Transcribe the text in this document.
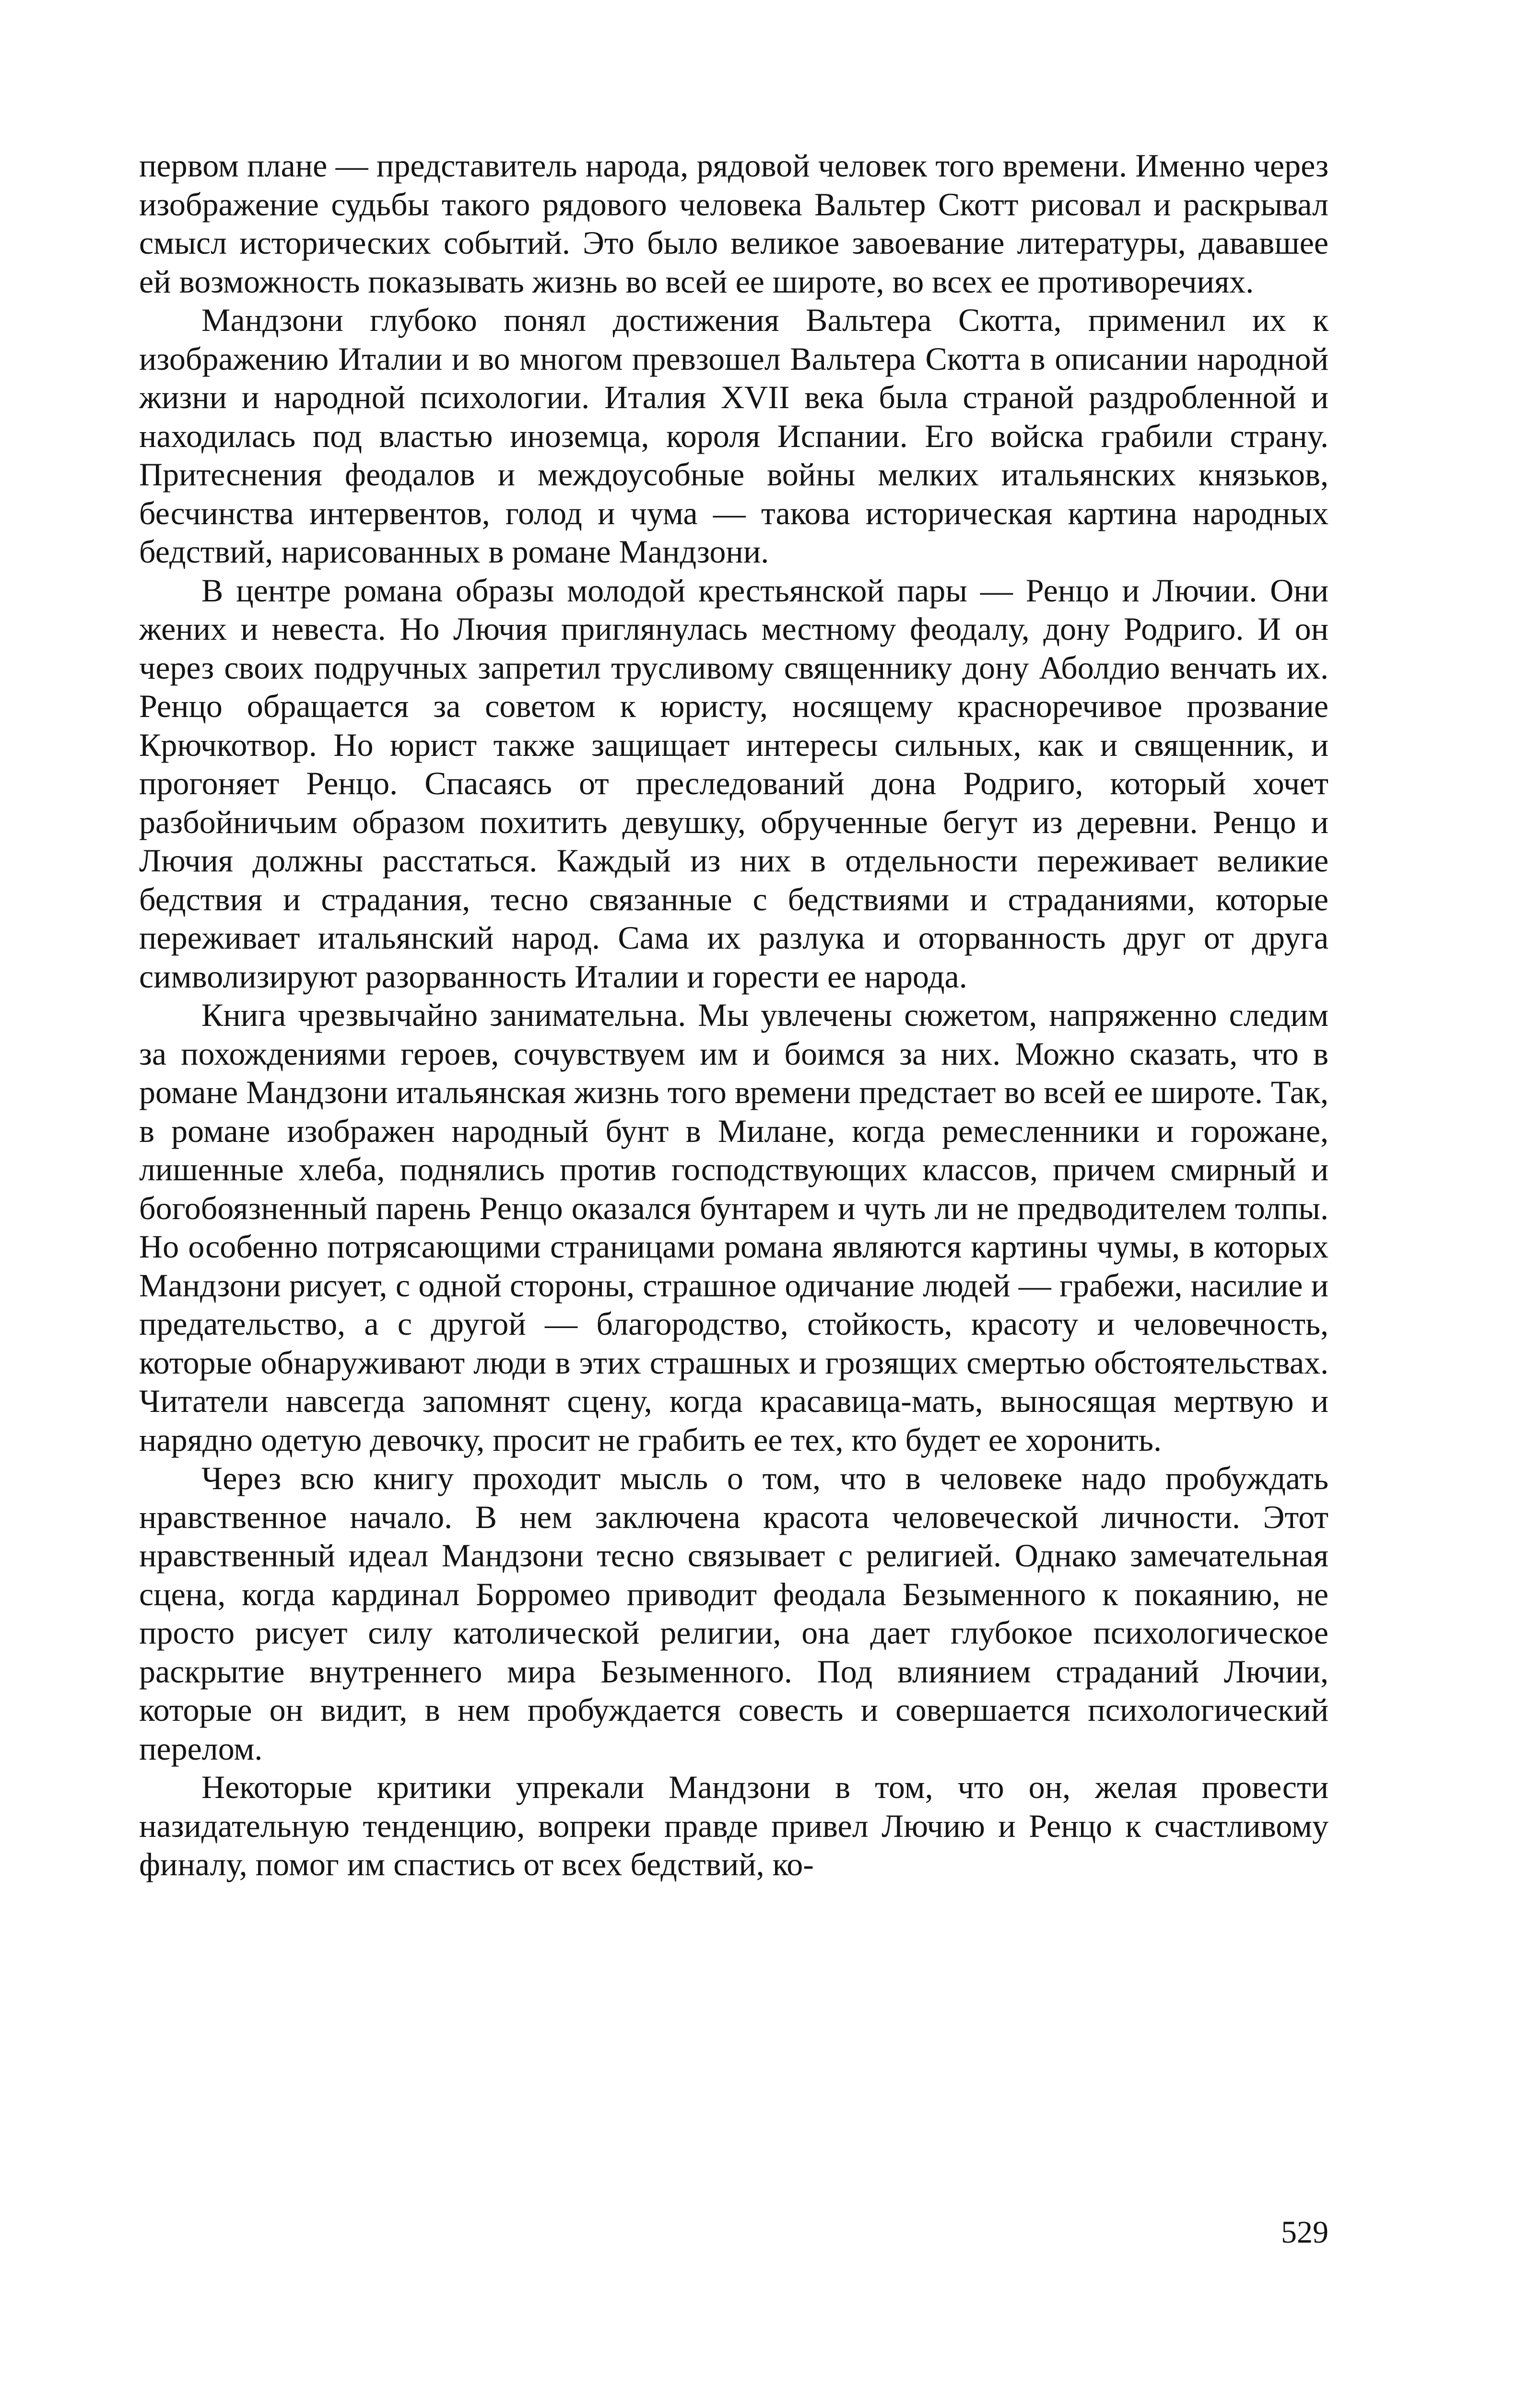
первом плане — представитель народа, рядовой человек того времени. Именно через изображение судьбы такого рядового человека Вальтер Скотт рисовал и раскрывал смысл исторических событий. Это было великое завоевание литературы, дававшее ей возможность показывать жизнь во всей ее широте, во всех ее противоречиях.

Мандзони глубоко понял достижения Вальтера Скотта, применил их к изображению Италии и во многом превзошел Вальтера Скотта в описании народной жизни и народной психологии. Италия XVII века была страной раздробленной и находилась под властью иноземца, короля Испании. Его войска грабили страну. Притеснения феодалов и междоусобные войны мелких итальянских князьков, бесчинства интервентов, голод и чума — такова историческая картина народных бедствий, нарисованных в романе Мандзони.

В центре романа образы молодой крестьянской пары — Ренцо и Лючии. Они жених и невеста. Но Лючия приглянулась местному феодалу, дону Родриго. И он через своих подручных запретил трусливому священнику дону Аболдио венчать их. Ренцо обращается за советом к юристу, носящему красноречивое прозвание Крючкотвор. Но юрист также защищает интересы сильных, как и священник, и прогоняет Ренцо. Спасаясь от преследований дона Родриго, который хочет разбойничьим образом похитить девушку, обрученные бегут из деревни. Ренцо и Лючия должны расстаться. Каждый из них в отдельности переживает великие бедствия и страдания, тесно связанные с бедствиями и страданиями, которые переживает итальянский народ. Сама их разлука и оторванность друг от друга символизируют разорванность Италии и горести ее народа.

Книга чрезвычайно занимательна. Мы увлечены сюжетом, напряженно следим за похождениями героев, сочувствуем им и боимся за них. Можно сказать, что в романе Мандзони итальянская жизнь того времени предстает во всей ее широте. Так, в романе изображен народный бунт в Милане, когда ремесленники и горожане, лишенные хлеба, поднялись против господствующих классов, причем смирный и богобоязненный парень Ренцо оказался бунтарем и чуть ли не предводителем толпы. Но особенно потрясающими страницами романа являются картины чумы, в которых Мандзони рисует, с одной стороны, страшное одичание людей — грабежи, насилие и предательство, а с другой — благородство, стойкость, красоту и человечность, которые обнаруживают люди в этих страшных и грозящих смертью обстоятельствах. Читатели навсегда запомнят сцену, когда красавица-мать, выносящая мертвую и нарядно одетую девочку, просит не грабить ее тех, кто будет ее хоронить.

Через всю книгу проходит мысль о том, что в человеке надо пробуждать нравственное начало. В нем заключена красота человеческой личности. Этот нравственный идеал Мандзони тесно связывает с религией. Однако замечательная сцена, когда кардинал Борромео приводит феодала Безыменного к покаянию, не просто рисует силу католической религии, она дает глубокое психологическое раскрытие внутреннего мира Безыменного. Под влиянием страданий Лючии, которые он видит, в нем пробуждается совесть и совершается психологический перелом.

Некоторые критики упрекали Мандзони в том, что он, желая провести назидательную тенденцию, вопреки правде привел Лючию и Ренцо к счастливому финалу, помог им спастись от всех бедствий, ко-

529
